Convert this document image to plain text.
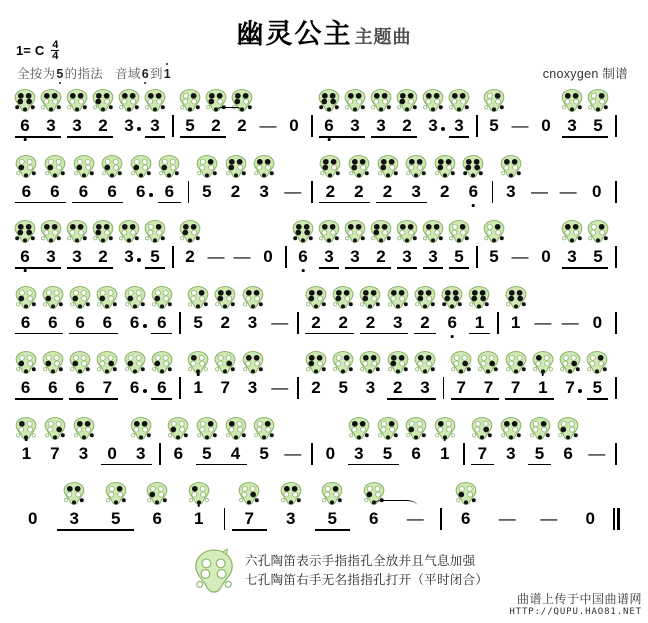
幽灵公主 主题曲
1= C $\frac{4}{4}$
全按为5的指法 音域6到1	cnoxygen 制谱
6 3 3 2 3 3	5 2 2 — 0	6 3 3 2 3 3	5 — 0 3 5
6	6	6	6	6	6	5	2	3 —	2	2	2	3	2	6	3 — — 0
6 3 3 2 3 5	2 — — 0	6 3 3 2 3 3 5	5 — 0 3 5
6	6	6	6	6	6	5	2	3 —	2	2	2	3	2	6	1	1 — — 0
6	6	6	7	6	6	1	7	3 —	2	5	3	2	3	7	7	7	1	7	5
1	7	3	0	3	6	5	4	5 —	0	3	5	6	1	7	3	5	6 —
0	3	5	6	1	7	3	5	6	—	6	— —	0
六孔陶笛表示手指指孔全放并且气息加强
七孔陶笛右手无名指指孔打开（平时闭合）
曲谱上传于中国曲谱网
HTTP://QUPU.HAO81.NET
